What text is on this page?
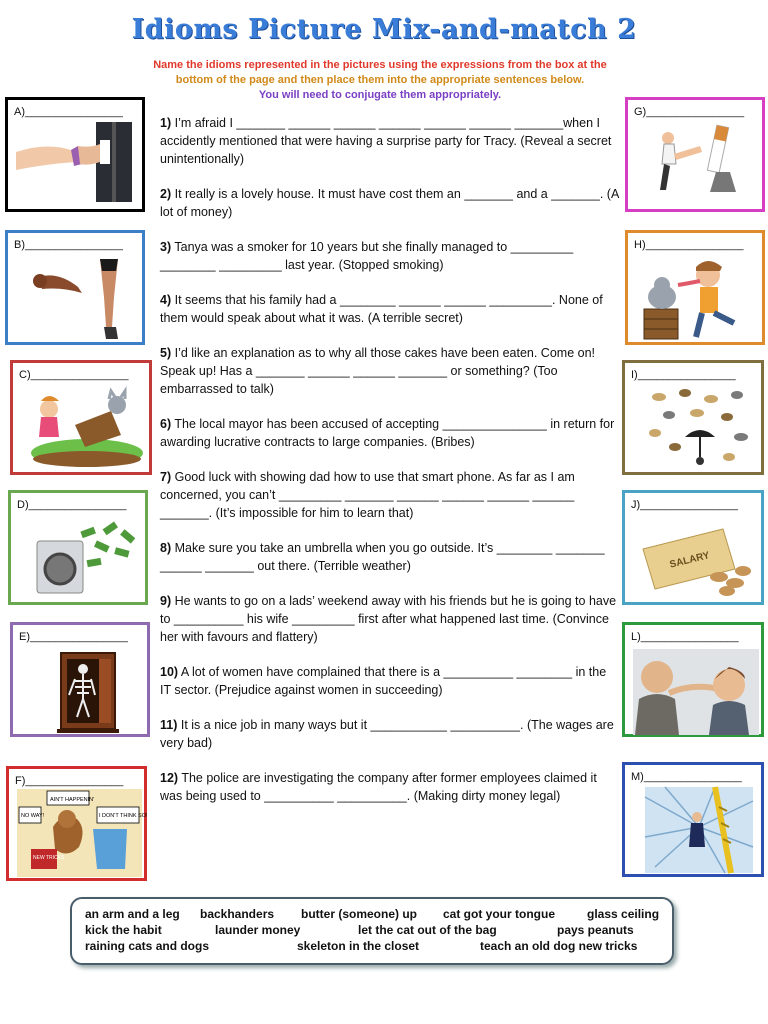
Idioms Picture Mix-and-match 2
Name the idioms represented in the pictures using the expressions from the box at the
bottom of the page and then place them into the appropriate sentences below.
You will need to conjugate them appropriately.
A)________________
B)________________
C)________________
D)________________
E)________________
F)________________
NEW TRICKS
AIN'T HAPPENIN'
NO WAY!	I DON'T THINK SO!
G)________________
H)________________
I)________________
J)________________
SALARY
L)________________
M)________________
1) I’m afraid I _______ ______ ______ ______ ______ ______ _______when I accidently mentioned that were having a surprise party for Tracy. (Reveal a secret unintentionally)
2) It really is a lovely house. It must have cost them an _______ and a _______. (A lot of money)
3) Tanya was a smoker for 10 years but she finally managed to _________ ________ _________ last year. (Stopped smoking)
4) It seems that his family had a ________ ______ ______ _________. None of them would speak about what it was. (A terrible secret)
5) I’d like an explanation as to why all those cakes have been eaten. Come on! Speak up! Has a _______ ______ ______ _______ or something? (Too embarrassed to talk)
6) The local mayor has been accused of accepting _______________ in return for awarding lucrative contracts to large companies. (Bribes)
7) Good luck with showing dad how to use that smart phone. As far as I am concerned, you can’t _________ _______ ______ ______ ______ ______ _______. (It’s impossible for him to learn that)
8) Make sure you take an umbrella when you go outside. It’s ________ _______ ______ _______ out there. (Terrible weather)
9) He wants to go on a lads’ weekend away with his friends but he is going to have to __________ his wife _________ first after what happened last time. (Convince her with favours and flattery)
10) A lot of women have complained that there is a __________ ________ in the IT sector. (Prejudice against women in succeeding)
11) It is a nice job in many ways but it ___________ __________. (The wages are very bad)
12) The police are investigating the company after former employees claimed it was being used to __________ __________. (Making dirty money legal)
an arm and a leg backhanders butter (someone) up cat got your tongue	glass ceiling
kick the habit	launder money	let the cat out of the bag	pays peanuts
raining cats and dogs	skeleton in the closet	teach an old dog new tricks
